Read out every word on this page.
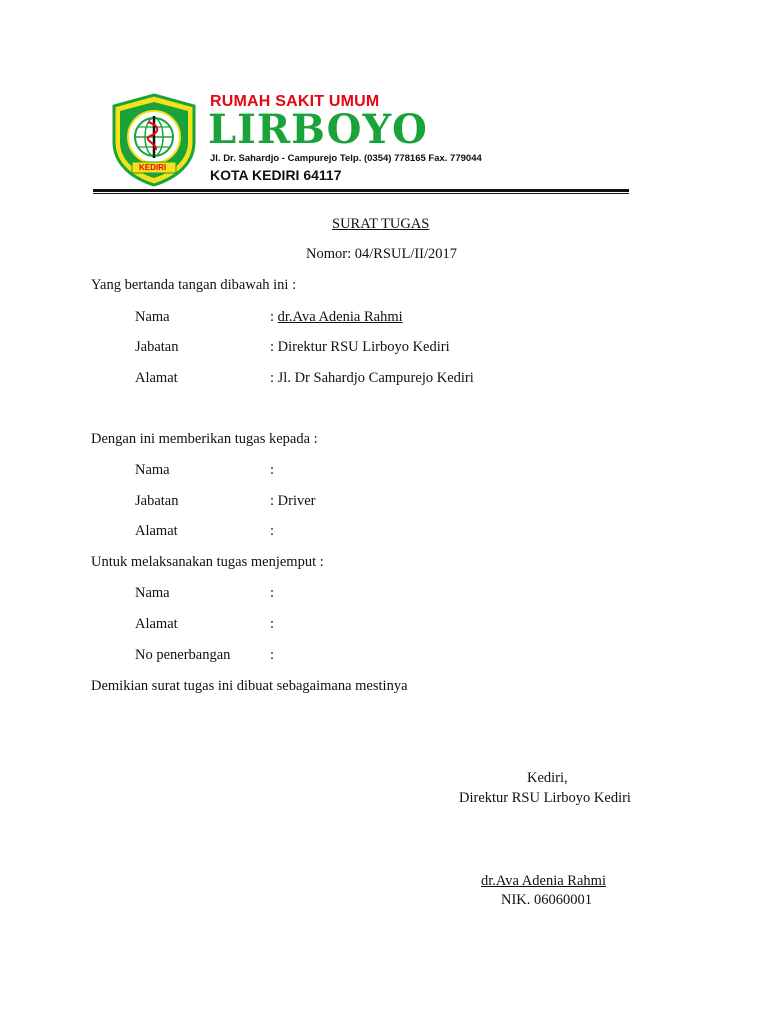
KEDIRI
RUMAH SAKIT UMUM
LIRBOYO
Jl. Dr. Sahardjo - Campurejo Telp. (0354) 778165 Fax. 779044
KOTA KEDIRI 64117
SURAT TUGAS
Nomor: 04/RSUL/II/2017
Yang bertanda tangan dibawah ini :
Nama	: dr.Ava Adenia Rahmi
Jabatan	: Direktur RSU Lirboyo Kediri
Alamat	: Jl. Dr Sahardjo Campurejo Kediri
Dengan ini memberikan tugas kepada :
Nama	:
Jabatan	: Driver
Alamat	:
Untuk melaksanakan tugas menjemput :
Nama	:
Alamat	:
No penerbangan	:
Demikian surat tugas ini dibuat sebagaimana mestinya
Kediri,
Direktur RSU Lirboyo Kediri
dr.Ava Adenia Rahmi
NIK. 06060001
